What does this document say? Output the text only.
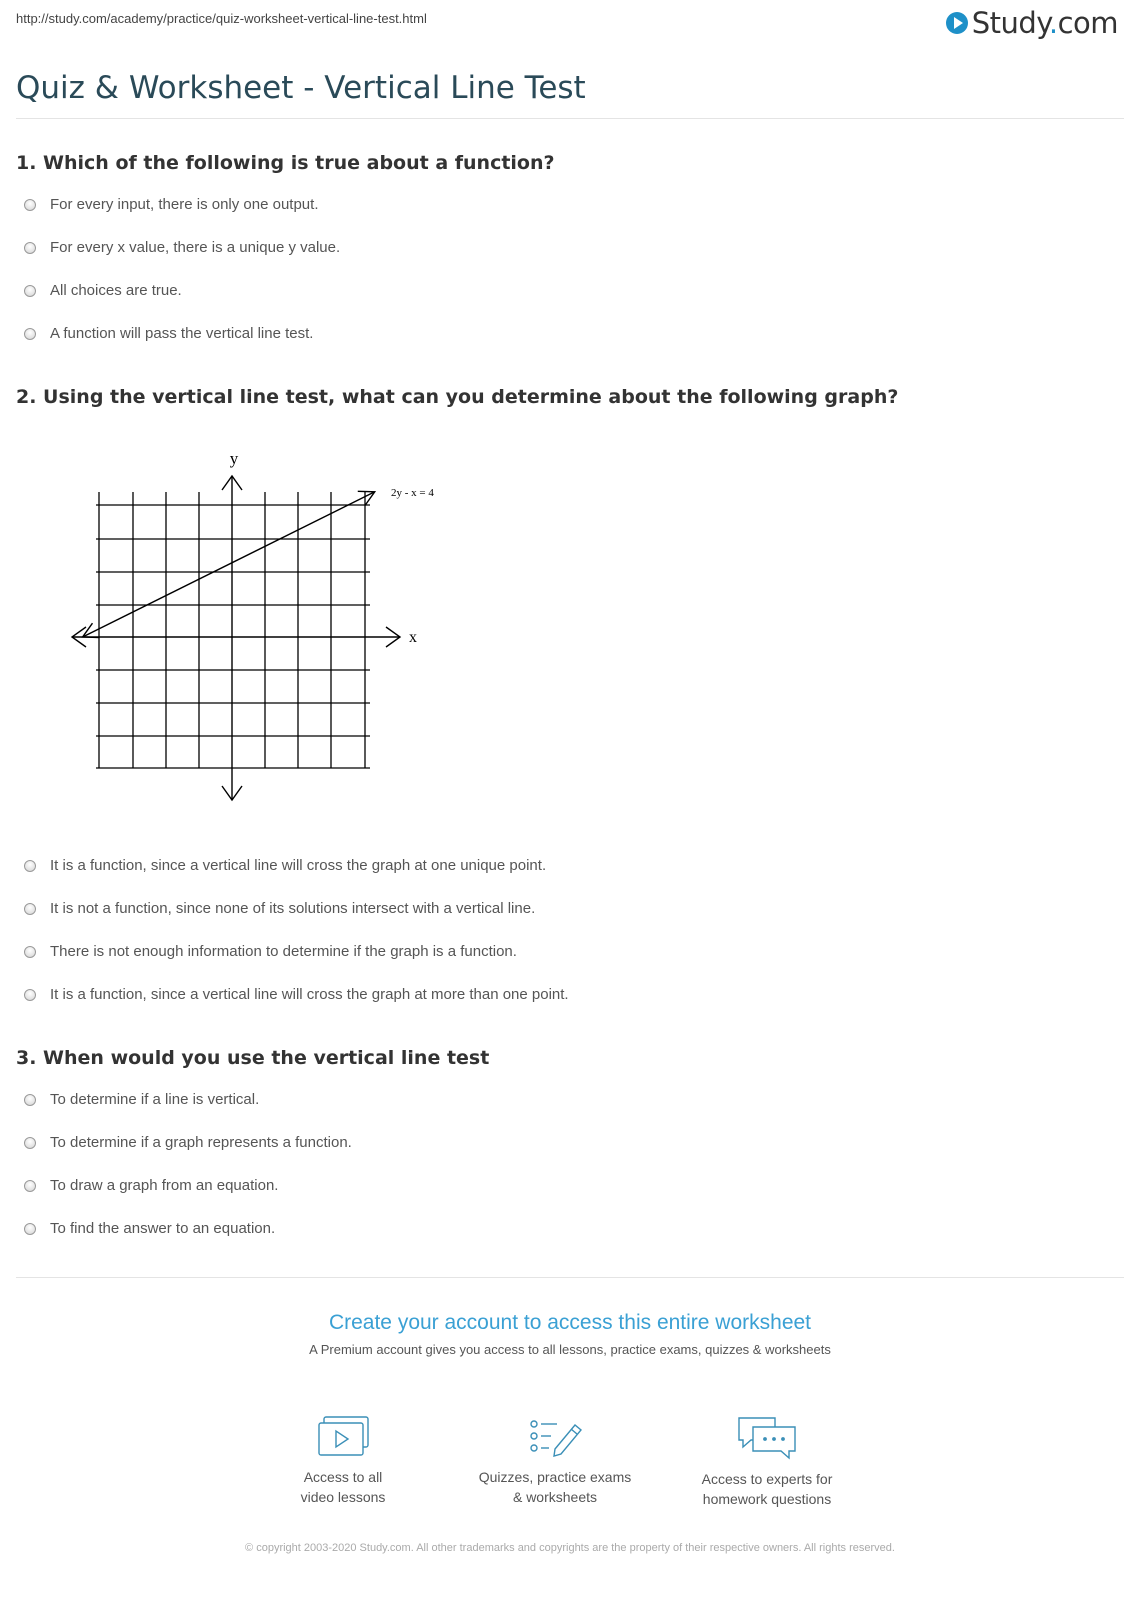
http://study.com/academy/practice/quiz-worksheet-vertical-line-test.html	Study.com
Quiz & Worksheet - Vertical Line Test
1. Which of the following is true about a function?
For every input, there is only one output.
For every x value, there is a unique y value.
All choices are true.
A function will pass the vertical line test.
2. Using the vertical line test, what can you determine about the following graph?
y
x
2y - x = 4
It is a function, since a vertical line will cross the graph at one unique point.
It is not a function, since none of its solutions intersect with a vertical line.
There is not enough information to determine if the graph is a function.
It is a function, since a vertical line will cross the graph at more than one point.
3. When would you use the vertical line test
To determine if a line is vertical.
To determine if a graph represents a function.
To draw a graph from an equation.
To find the answer to an equation.
Create your account to access this entire worksheet
A Premium account gives you access to all lessons, practice exams, quizzes & worksheets
Access to all
video lessons
Quizzes, practice exams
& worksheets
Access to experts for
homework questions
© copyright 2003-2020 Study.com. All other trademarks and copyrights are the property of their respective owners. All rights reserved.
